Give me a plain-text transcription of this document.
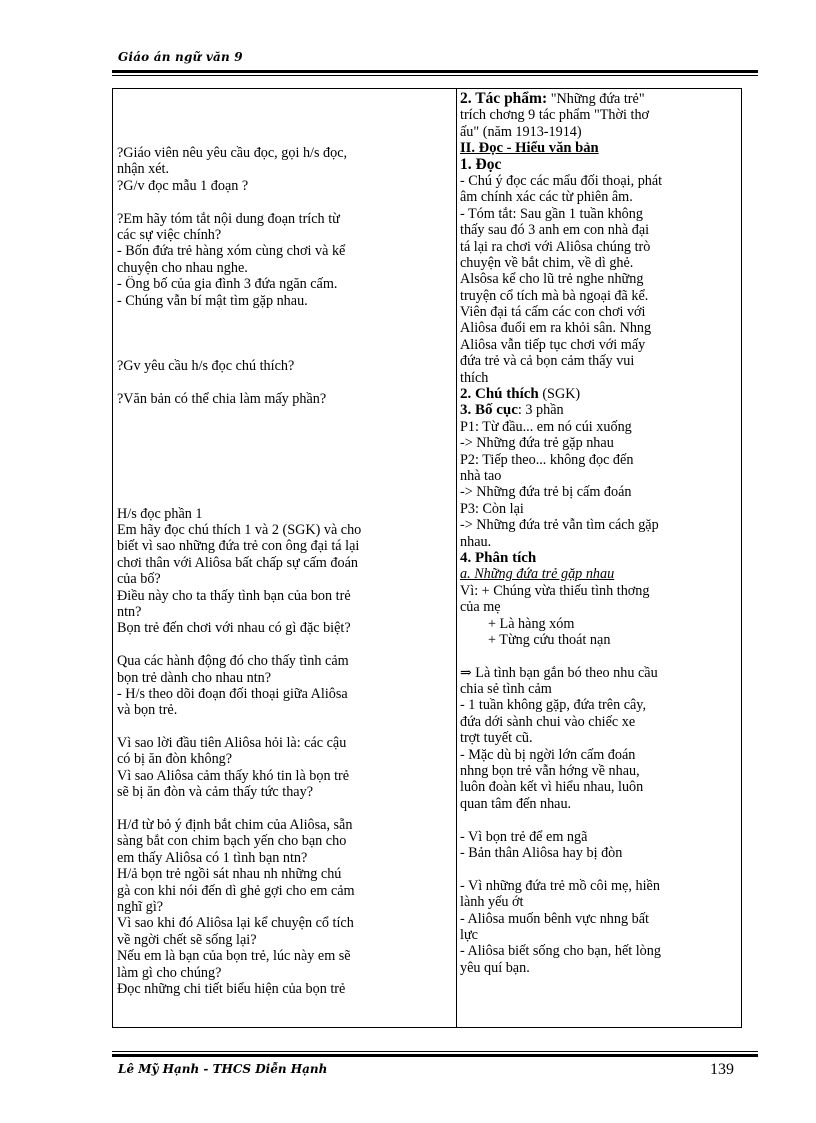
Giáo án ngữ văn 9
?Giáo viên nêu yêu cầu đọc, gọi h/s đọc,
nhận xét.
?G/v đọc mẫu 1 đoạn ?
?Em hãy tóm tắt nội dung đoạn trích từ
các sự việc chính?
- Bốn đứa trẻ hàng xóm cùng chơi và kể
chuyện cho nhau nghe.
- Ông bố của gia đình 3 đứa ngăn cấm.
- Chúng vẫn bí mật tìm gặp nhau.
?Gv yêu cầu h/s đọc chú thích?
?Văn bản có thể chia làm mấy phần?
H/s đọc phần 1
Em hãy đọc chú thích 1 và 2 (SGK) và cho
biết vì sao những đứa trẻ con ông đại tá lại
chơi thân với Aliôsa bất chấp sự cấm đoán
của bố?
Điều này cho ta thấy tình bạn của bon trẻ
ntn?
Bọn trẻ đến chơi với nhau có gì đặc biệt?
Qua các hành động đó cho thấy tình cảm
bọn trẻ dành cho nhau ntn?
- H/s theo dõi đoạn đối thoại giữa Aliôsa
và bọn trẻ.
Vì sao lời đầu tiên Aliôsa hỏi là: các cậu
có bị ăn đòn không?
Vì sao Aliôsa cảm thấy khó tin là bọn trẻ
sẽ bị ăn đòn và cảm thấy tức thay?
H/đ từ bỏ ý định bắt chim của Aliôsa, sẵn
sàng bắt con chim bạch yến cho bạn cho
em thấy Aliôsa có 1 tình bạn ntn?
H/ả bọn trẻ ngồi sát nhau nh những chú
gà con khi nói đến dì ghẻ gợi cho em cảm
nghĩ gì?
Vì sao khi đó Aliôsa lại kể chuyện cổ tích
về ngời chết sẽ sống lại?
Nếu em là bạn của bọn trẻ, lúc này em sẽ
làm gì cho chúng?
Đọc những chi tiết biểu hiện của bọn trẻ
2. Tác phẩm: "Những đứa trẻ"
trích chơng 9 tác phẩm "Thời thơ
ấu" (năm 1913-1914)
II. Đọc - Hiểu văn bản
1. Đọc
- Chú ý đọc các mẩu đối thoại, phát
âm chính xác các từ phiên âm.
- Tóm tắt: Sau gần 1 tuần không
thấy sau đó 3 anh em con nhà đại
tá lại ra chơi với Aliôsa chúng trò
chuyện về bắt chim, về dì ghẻ.
Alsôsa kể cho lũ trẻ nghe những
truyện cổ tích mà bà ngoại đã kể.
Viên đại tá cấm các con chơi với
Aliôsa đuổi em ra khỏi sân. Nhng
Aliôsa vẫn tiếp tục chơi với mấy
đứa trẻ và cả bọn cảm thấy vui
thích
2. Chú thích (SGK)
3. Bố cục: 3 phần
P1: Từ đầu... em nó cúi xuống
-> Những đứa trẻ gặp nhau
P2: Tiếp theo... không đọc đến
nhà tao
-> Những đứa trẻ bị cấm đoán
P3: Còn lại
-> Những đứa trẻ vẫn tìm cách gặp
nhau.
4. Phân tích
a. Những đứa trẻ gặp nhau
Vì: + Chúng vừa thiếu tình thơng
của mẹ
+ Là hàng xóm
+ Từng cứu thoát nạn
⇒ Là tình bạn gắn bó theo nhu cầu
chia sẻ tình cảm
- 1 tuần không gặp, đứa trên cây,
đứa dới sành chui vào chiếc xe
trợt tuyết cũ.
- Mặc dù bị ngời lớn cấm đoán
nhng bọn trẻ vẫn hớng về nhau,
luôn đoàn kết vì hiểu nhau, luôn
quan tâm đến nhau.
- Vì bọn trẻ để em ngã
- Bản thân Aliôsa hay bị đòn
- Vì những đứa trẻ mồ côi mẹ, hiền
lành yếu ớt
- Aliôsa muốn bênh vực nhng bất
lực
- Aliôsa biết sống cho bạn, hết lòng
yêu quí bạn.
Lê Mỹ Hạnh - THCS Diễn Hạnh	139
